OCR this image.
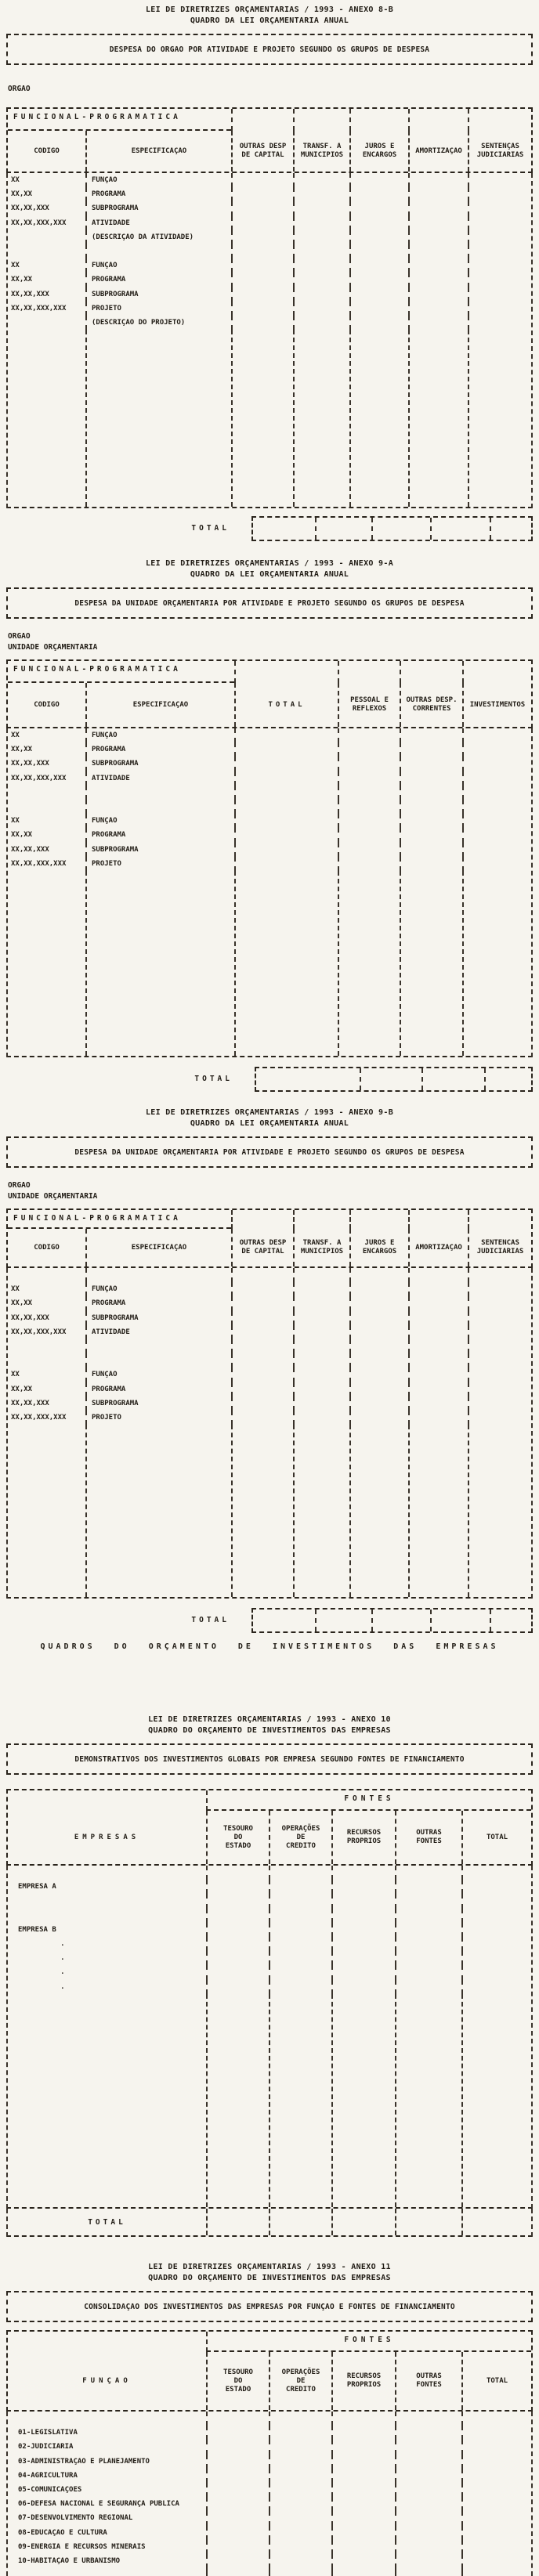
LEI DE DIRETRIZES ORÇAMENTARIAS / 1993 - ANEXO 8-B
QUADRO DA LEI ORÇAMENTARIA ANUAL
DESPESA DO ORGAO POR ATIVIDADE E PROJETO SEGUNDO OS GRUPOS DE DESPESA
ORGAO
FUNCIONAL-PROGRAMATICA
CODIGO	ESPECIFICAÇAO
OUTRAS DESP
DE CAPITAL
TRANSF. A
MUNICIPIOS
JUROS E
ENCARGOS
AMORTIZAÇAO
SENTENÇAS
JUDICIARIAS
XX	FUNÇAO
XX,XX	PROGRAMA
XX,XX,XXX	SUBPROGRAMA
XX,XX,XXX,XXX	ATIVIDADE
(DESCRIÇAO DA ATIVIDADE)
XX	FUNÇAO
XX,XX	PROGRAMA
XX,XX,XXX	SUBPROGRAMA
XX,XX,XXX,XXX	PROJETO
(DESCRIÇAO DO PROJETO)
TOTAL
LEI DE DIRETRIZES ORÇAMENTARIAS / 1993 - ANEXO 9-A
QUADRO DA LEI ORÇAMENTARIA ANUAL
DESPESA DA UNIDADE ORÇAMENTARIA POR ATIVIDADE E PROJETO SEGUNDO OS GRUPOS DE DESPESA
ORGAO
UNIDADE ORÇAMENTARIA
FUNCIONAL-PROGRAMATICA
CODIGO	ESPECIFICAÇAO	TOTAL
PESSOAL E
REFLEXOS
OUTRAS DESP.
CORRENTES
INVESTIMENTOS
XX	FUNÇAO
XX,XX	PROGRAMA
XX,XX,XXX	SUBPROGRAMA
XX,XX,XXX,XXX	ATIVIDADE
XX	FUNÇAO
XX,XX	PROGRAMA
XX,XX,XXX	SUBPROGRAMA
XX,XX,XXX,XXX	PROJETO
TOTAL
LEI DE DIRETRIZES ORÇAMENTARIAS / 1993 - ANEXO 9-B
QUADRO DA LEI ORÇAMENTARIA ANUAL
DESPESA DA UNIDADE ORÇAMENTARIA POR ATIVIDADE E PROJETO SEGUNDO OS GRUPOS DE DESPESA
ORGAO
UNIDADE ORÇAMENTARIA
FUNCIONAL-PROGRAMATICA
CODIGO	ESPECIFICAÇAO
OUTRAS DESP
DE CAPITAL
TRANSF. A
MUNICIPIOS
JUROS E
ENCARGOS
AMORTIZAÇAO
SENTENCAS
JUDICIARIAS
XX	FUNÇAO
XX,XX	PROGRAMA
XX,XX,XXX	SUBPROGRAMA
XX,XX,XXX,XXX	ATIVIDADE
XX	FUNÇAO
XX,XX	PROGRAMA
XX,XX,XXX	SUBPROGRAMA
XX,XX,XXX,XXX	PROJETO
TOTAL
QUADROS DO ORÇAMENTO DE INVESTIMENTOS DAS EMPRESAS
LEI DE DIRETRIZES ORÇAMENTARIAS / 1993 - ANEXO 10
QUADRO DO ORÇAMENTO DE INVESTIMENTOS DAS EMPRESAS
DEMONSTRATIVOS DOS INVESTIMENTOS GLOBAIS POR EMPRESA SEGUNDO FONTES DE FINANCIAMENTO
FONTES
EMPRESAS
TESOURO
DO
ESTADO
OPERAÇÕES
DE
CREDITO
RECURSOS
PROPRIOS
OUTRAS
FONTES
TOTAL
EMPRESA A
EMPRESA B
.
.
.
.
TOTAL
LEI DE DIRETRIZES ORÇAMENTARIAS / 1993 - ANEXO 11
QUADRO DO ORÇAMENTO DE INVESTIMENTOS DAS EMPRESAS
CONSOLIDAÇAO DOS INVESTIMENTOS DAS EMPRESAS POR FUNÇAO E FONTES DE FINANCIAMENTO
FONTES
FUNÇAO
TESOURO
DO
ESTADO
OPERAÇÕES
DE
CREDITO
RECURSOS
PROPRIOS
OUTRAS
FONTES
TOTAL
01-LEGISLATIVA
02-JUDICIARIA
03-ADMINISTRAÇAO E PLANEJAMENTO
04-AGRICULTURA
05-COMUNICAÇOES
06-DEFESA NACIONAL E SEGURANÇA PUBLICA
07-DESENVOLVIMENTO REGIONAL
08-EDUCAÇAO E CULTURA
09-ENERGIA E RECURSOS MINERAIS
10-HABITAÇAO E URBANISMO
